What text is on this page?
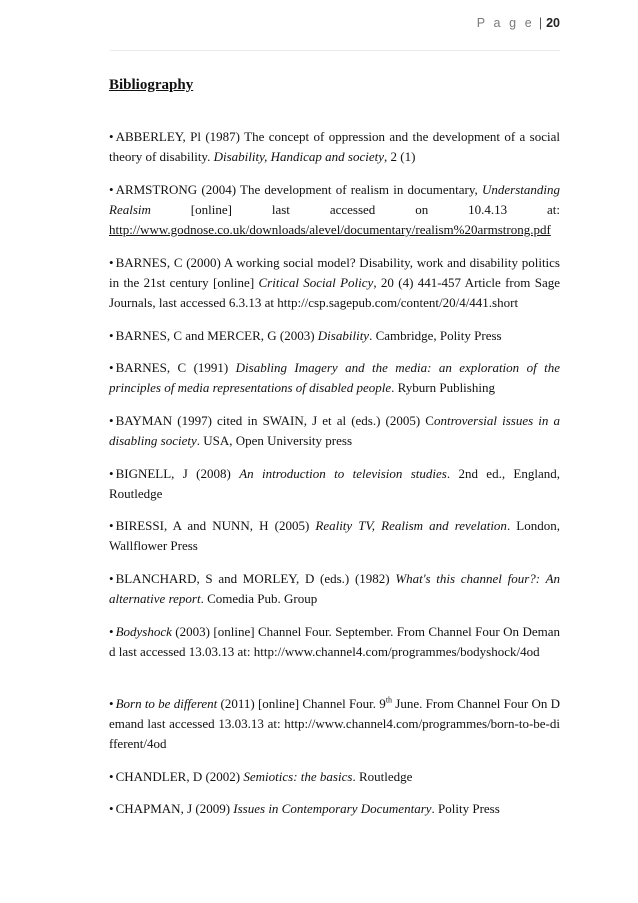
P a g e | 20
Bibliography

• ABBERLEY, Pl (1987) The concept of oppression and the development of a social theory of disability. Disability, Handicap and society, 2 (1)

• ARMSTRONG (2004) The development of realism in documentary, Understanding Realsim [online] last accessed on 10.4.13 at: http://www.godnose.co.uk/downloads/alevel/documentary/realism%20armstrong.pdf

• BARNES, C (2000) A working social model? Disability, work and disability politics in the 21st century [online] Critical Social Policy, 20 (4) 441-457 Article from Sage Journals, last accessed 6.3.13 at http://csp.sagepub.com/content/20/4/441.short

• BARNES, C and MERCER, G (2003) Disability. Cambridge, Polity Press

• BARNES, C (1991) Disabling Imagery and the media: an exploration of the principles of media representations of disabled people. Ryburn Publishing

• BAYMAN (1997) cited in SWAIN, J et al (eds.) (2005) Controversial issues in a disabling society. USA, Open University press

• BIGNELL, J (2008) An introduction to television studies. 2nd ed., England, Routledge

• BIRESSI, A and NUNN, H (2005) Reality TV, Realism and revelation. London, Wallflower Press

• BLANCHARD, S and MORLEY, D (eds.) (1982) What's this channel four?: An alternative report. Comedia Pub. Group

• Bodyshock (2003) [online] Channel Four. September. From Channel Four On Demand last accessed 13.03.13 at: http://www.channel4.com/programmes/bodyshock/4od

• Born to be different (2011) [online] Channel Four. 9th June. From Channel Four On Demand last accessed 13.03.13 at: http://www.channel4.com/programmes/born-to-be-different/4od

• CHANDLER, D (2002) Semiotics: the basics. Routledge

• CHAPMAN, J (2009) Issues in Contemporary Documentary. Polity Press
